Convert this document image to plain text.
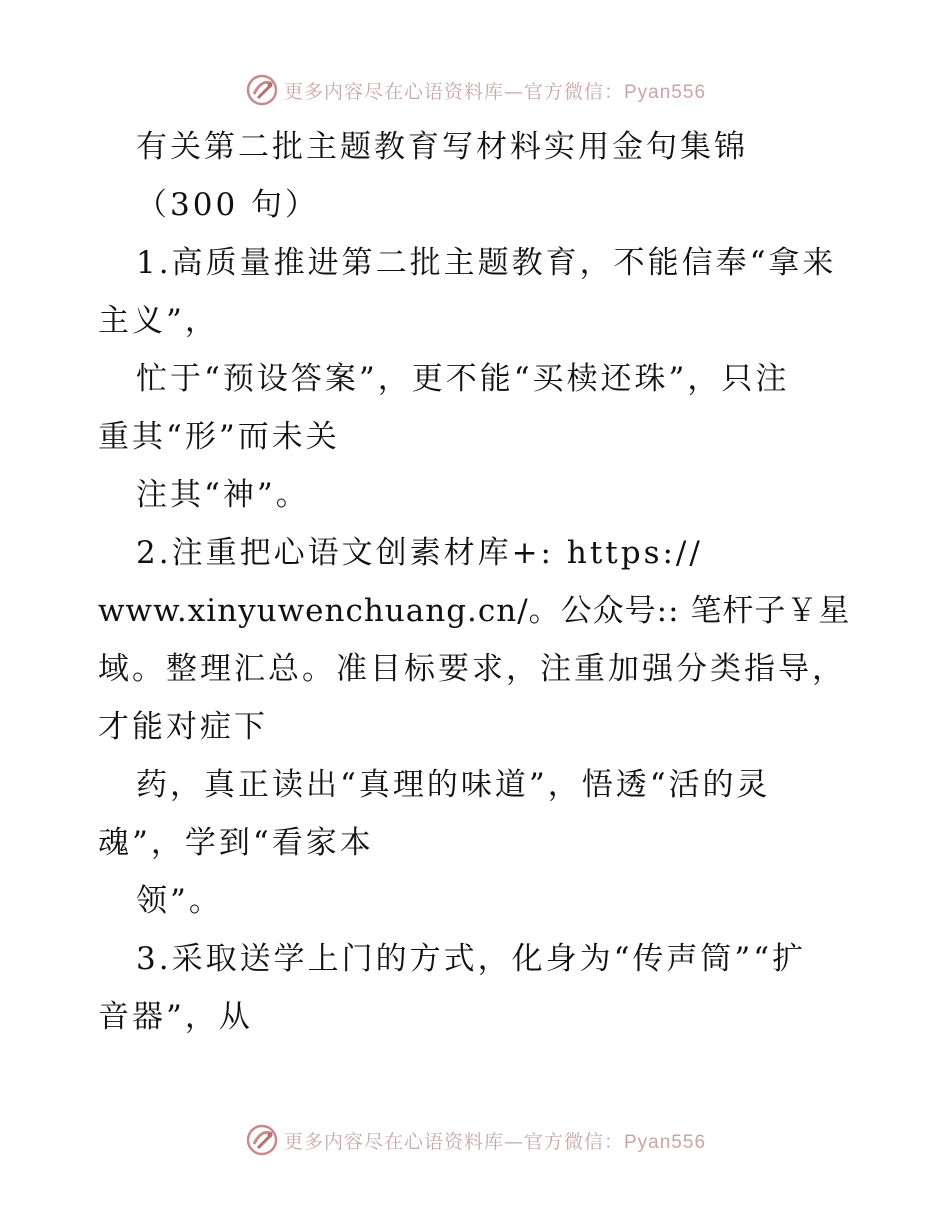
更多内容尽在心语资料库—官方微信：Pyan556
有关第二批主题教育写材料实用金句集锦
（300 句）
1.高质量推进第二批主题教育，不能信奉“拿来
主义”，
忙于“预设答案”，更不能“买椟还珠”，只注
重其“形”而未关
注其“神”。
2.注重把心语文创素材库+: https://
www.xinyuwenchuang.cn/。公众号:: 笔杆子￥星
域。整理汇总。准目标要求，注重加强分类指导，
才能对症下
药，真正读出“真理的味道”，悟透“活的灵
魂”，学到“看家本
领”。
3.采取送学上门的方式，化身为“传声筒”“扩
音器”，从
更多内容尽在心语资料库—官方微信：Pyan556
